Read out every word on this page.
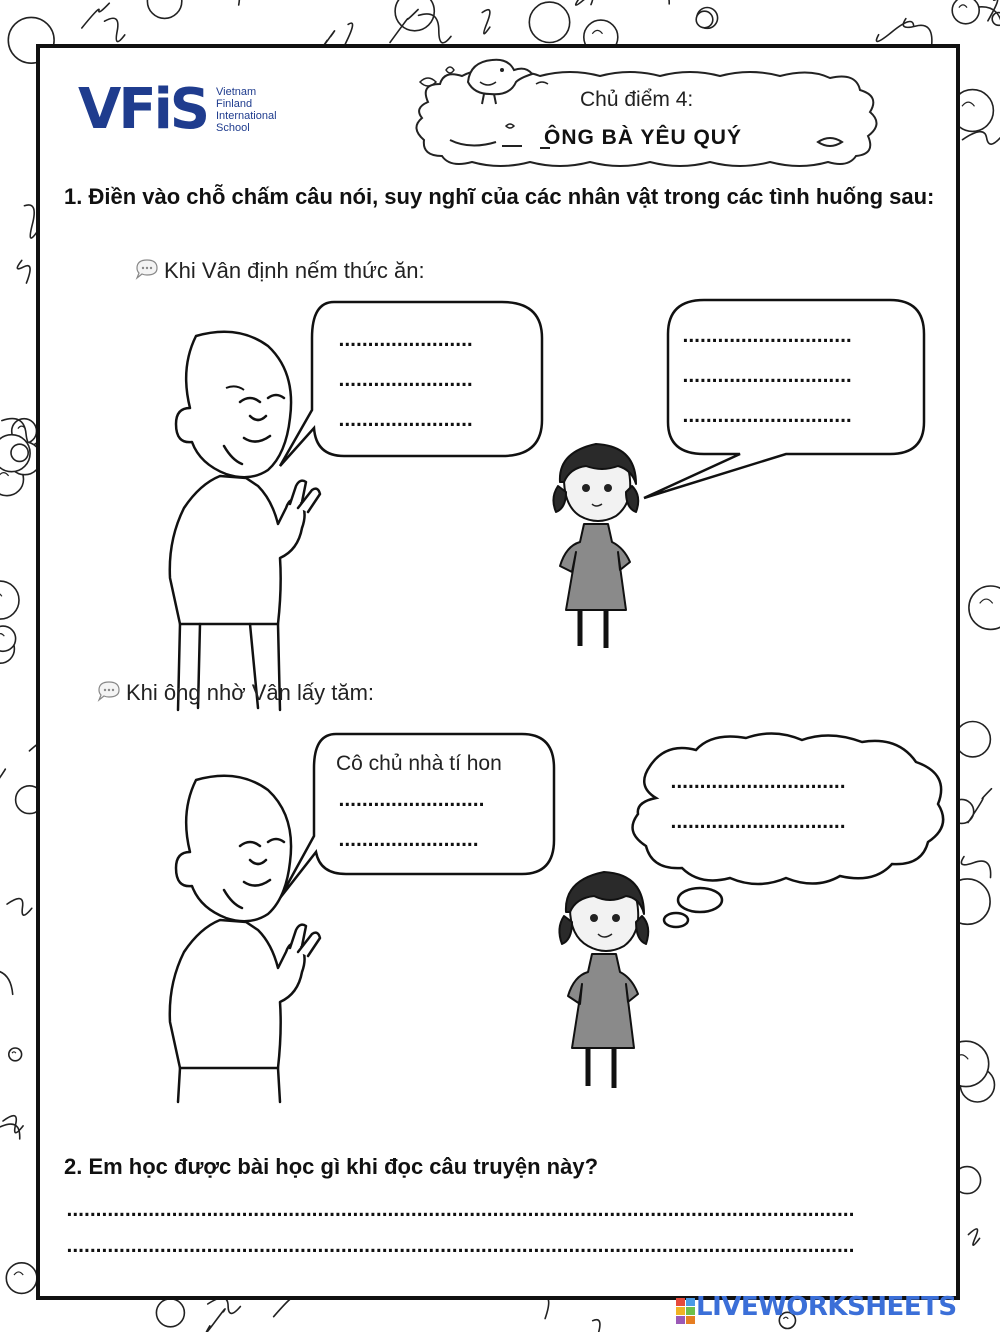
VFiS Vietnam
Finland
International
School
Chủ điểm 4:
ÔNG BÀ YÊU QUÝ
1. Điền vào chỗ chấm câu nói, suy nghĩ của các nhân vật trong các tình huống sau:
Khi Vân định nếm thức ăn:
.......................
.......................
.......................
.............................
.............................
.............................
Khi ông nhờ Vân lấy tăm:
Cô chủ nhà tí hon
.........................
........................
..............................
..............................
2. Em học được bài học gì khi đọc câu truyện này?
.......................................................................................................................................
.......................................................................................................................................
LIVEWORKSHEETS
